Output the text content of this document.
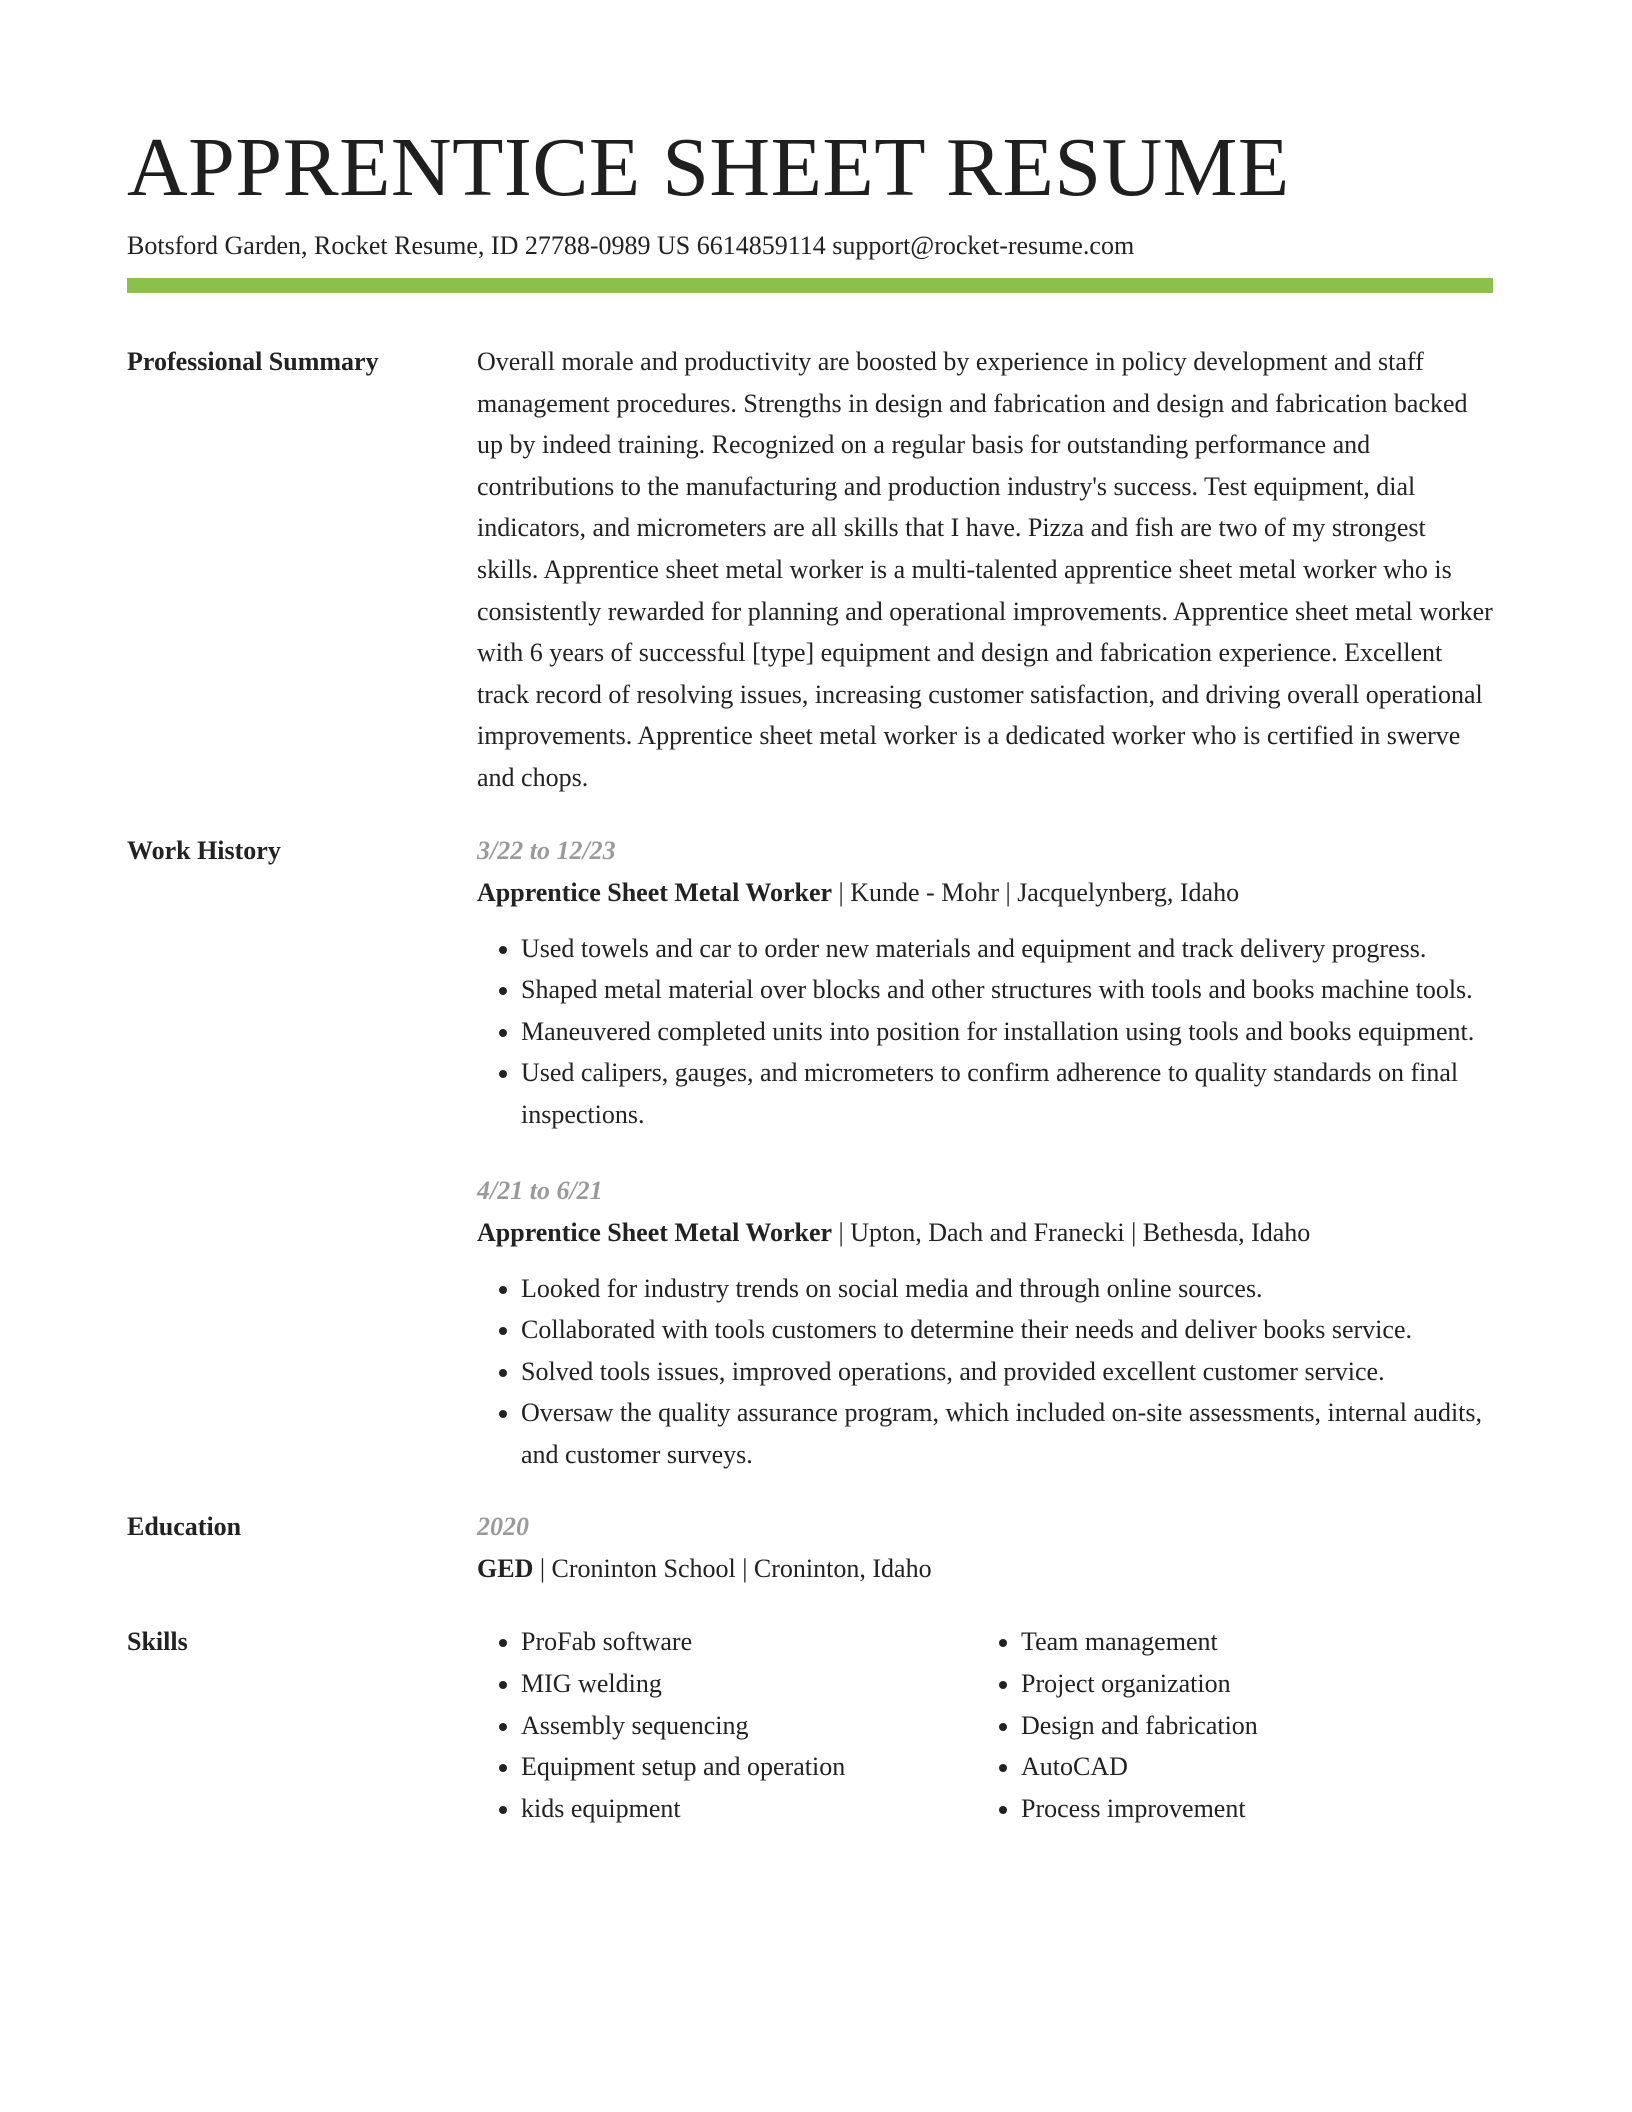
APPRENTICE SHEET RESUME
Botsford Garden, Rocket Resume, ID 27788-0989 US 6614859114 support@rocket-resume.com
Professional Summary	Overall morale and productivity are boosted by experience in policy development and staff management procedures. Strengths in design and fabrication and design and fabrication backed up by indeed training. Recognized on a regular basis for outstanding performance and contributions to the manufacturing and production industry's success. Test equipment, dial indicators, and micrometers are all skills that I have. Pizza and fish are two of my strongest skills. Apprentice sheet metal worker is a multi-talented apprentice sheet metal worker who is consistently rewarded for planning and operational improvements. Apprentice sheet metal worker with 6 years of successful [type] equipment and design and fabrication experience. Excellent track record of resolving issues, increasing customer satisfaction, and driving overall operational improvements. Apprentice sheet metal worker is a dedicated worker who is certified in swerve and chops.

Work History	3/22 to 12/23
Apprentice Sheet Metal Worker | Kunde - Mohr | Jacquelynberg, Idaho
• Used towels and car to order new materials and equipment and track delivery progress.
• Shaped metal material over blocks and other structures with tools and books machine tools.
• Maneuvered completed units into position for installation using tools and books equipment.
• Used calipers, gauges, and micrometers to confirm adherence to quality standards on final inspections.
4/21 to 6/21
Apprentice Sheet Metal Worker | Upton, Dach and Franecki | Bethesda, Idaho
• Looked for industry trends on social media and through online sources.
• Collaborated with tools customers to determine their needs and deliver books service.
• Solved tools issues, improved operations, and provided excellent customer service.
• Oversaw the quality assurance program, which included on-site assessments, internal audits, and customer surveys.
Education	2020
GED | Croninton School | Croninton, Idaho
Skills
•	ProFab software
• MIG welding
• Assembly sequencing
• Equipment setup and operation
• kids equipment
• Team management
• Project organization
• Design and fabrication
• AutoCAD
• Process improvement
